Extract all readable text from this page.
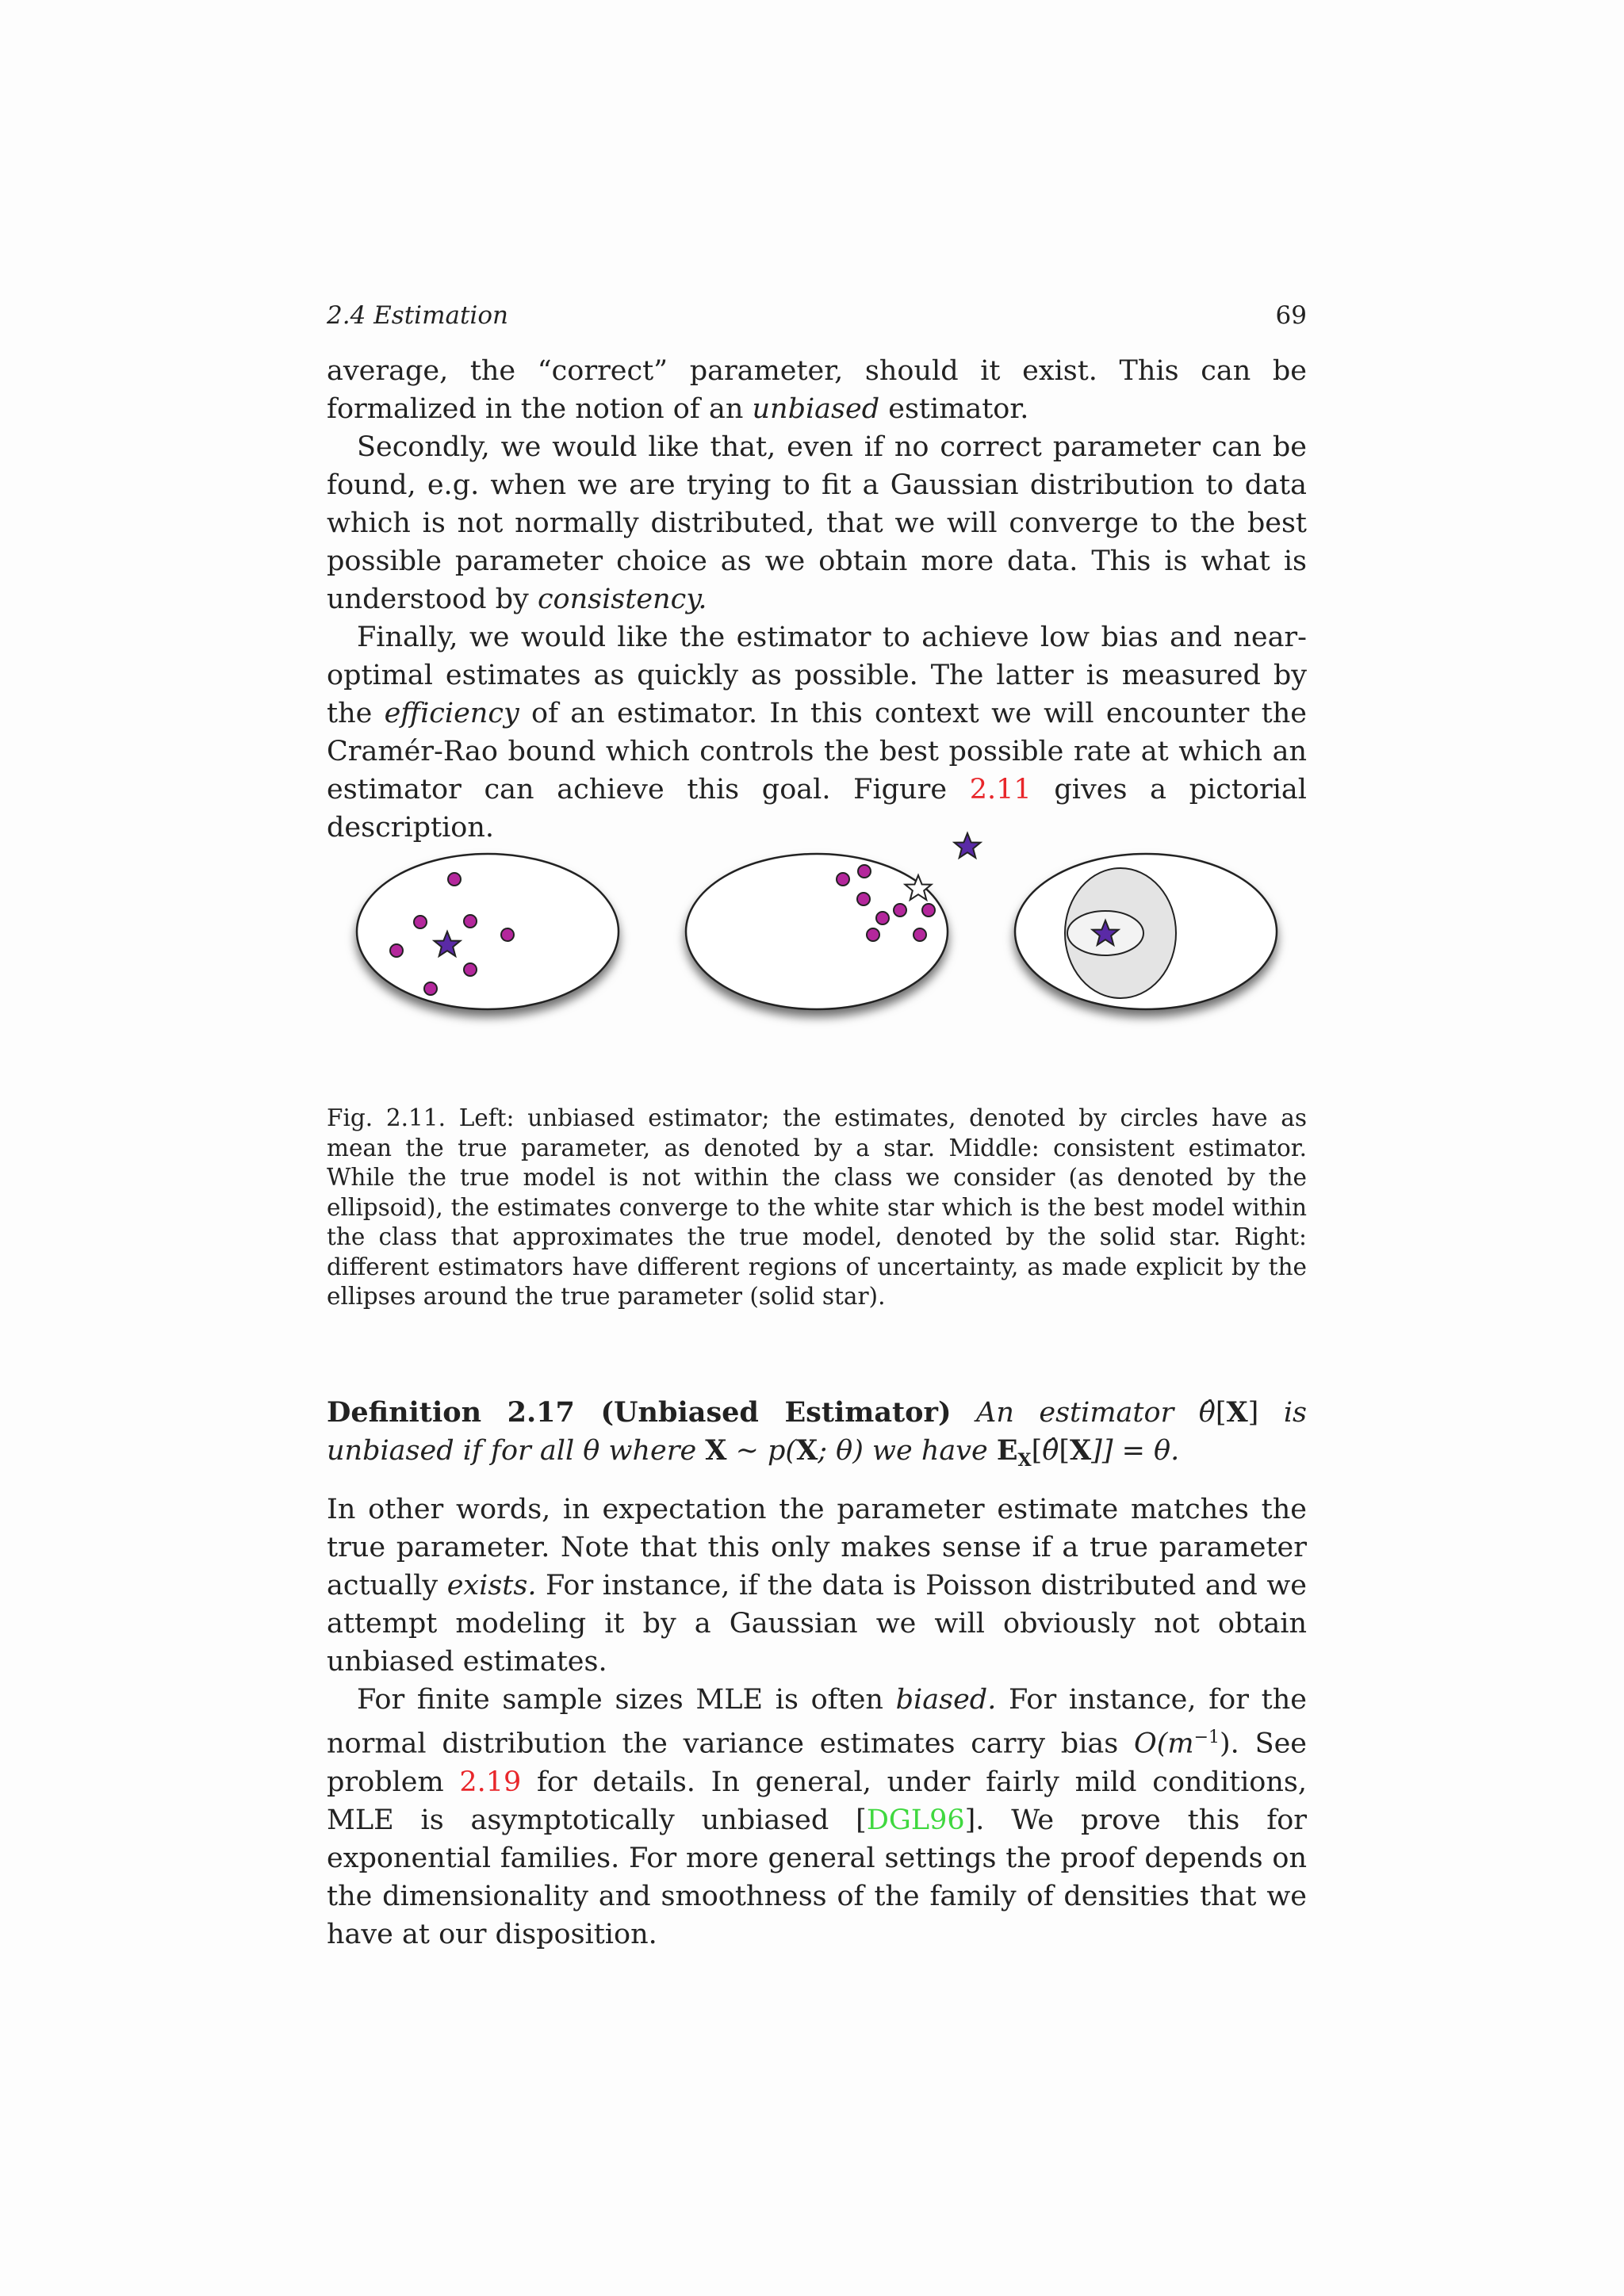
2.4 Estimation	69

average, the “correct” parameter, should it exist. This can be formalized in the notion of an unbiased estimator.

Secondly, we would like that, even if no correct parameter can be found, e.g. when we are trying to fit a Gaussian distribution to data which is not normally distributed, that we will converge to the best possible parameter choice as we obtain more data. This is what is understood by consistency.

Finally, we would like the estimator to achieve low bias and near-optimal estimates as quickly as possible. The latter is measured by the efficiency of an estimator. In this context we will encounter the Cramér-Rao bound which controls the best possible rate at which an estimator can achieve this goal. Figure 2.11 gives a pictorial description.

Fig. 2.11. Left: unbiased estimator; the estimates, denoted by circles have as mean the true parameter, as denoted by a star. Middle: consistent estimator. While the true model is not within the class we consider (as denoted by the ellipsoid), the estimates converge to the white star which is the best model within the class that approximates the true model, denoted by the solid star. Right: different estimators have different regions of uncertainty, as made explicit by the ellipses around the true parameter (solid star).
Definition 2.17 (Unbiased Estimator) An estimator θ̂[X] is unbiased if for all θ where X ∼ p(X; θ) we have $E_X[\thetâ[X]] = \theta$.

In other words, in expectation the parameter estimate matches the true parameter. Note that this only makes sense if a true parameter actually exists. For instance, if the data is Poisson distributed and we attempt modeling it by a Gaussian we will obviously not obtain unbiased estimates.

For finite sample sizes MLE is often biased. For instance, for the normal distribution the variance estimates carry bias $O(m^{-1})$. See problem 2.19 for details. In general, under fairly mild conditions, MLE is asymptotically unbiased [DGL96]. We prove this for exponential families. For more general settings the proof depends on the dimensionality and smoothness of the family of densities that we have at our disposition.
